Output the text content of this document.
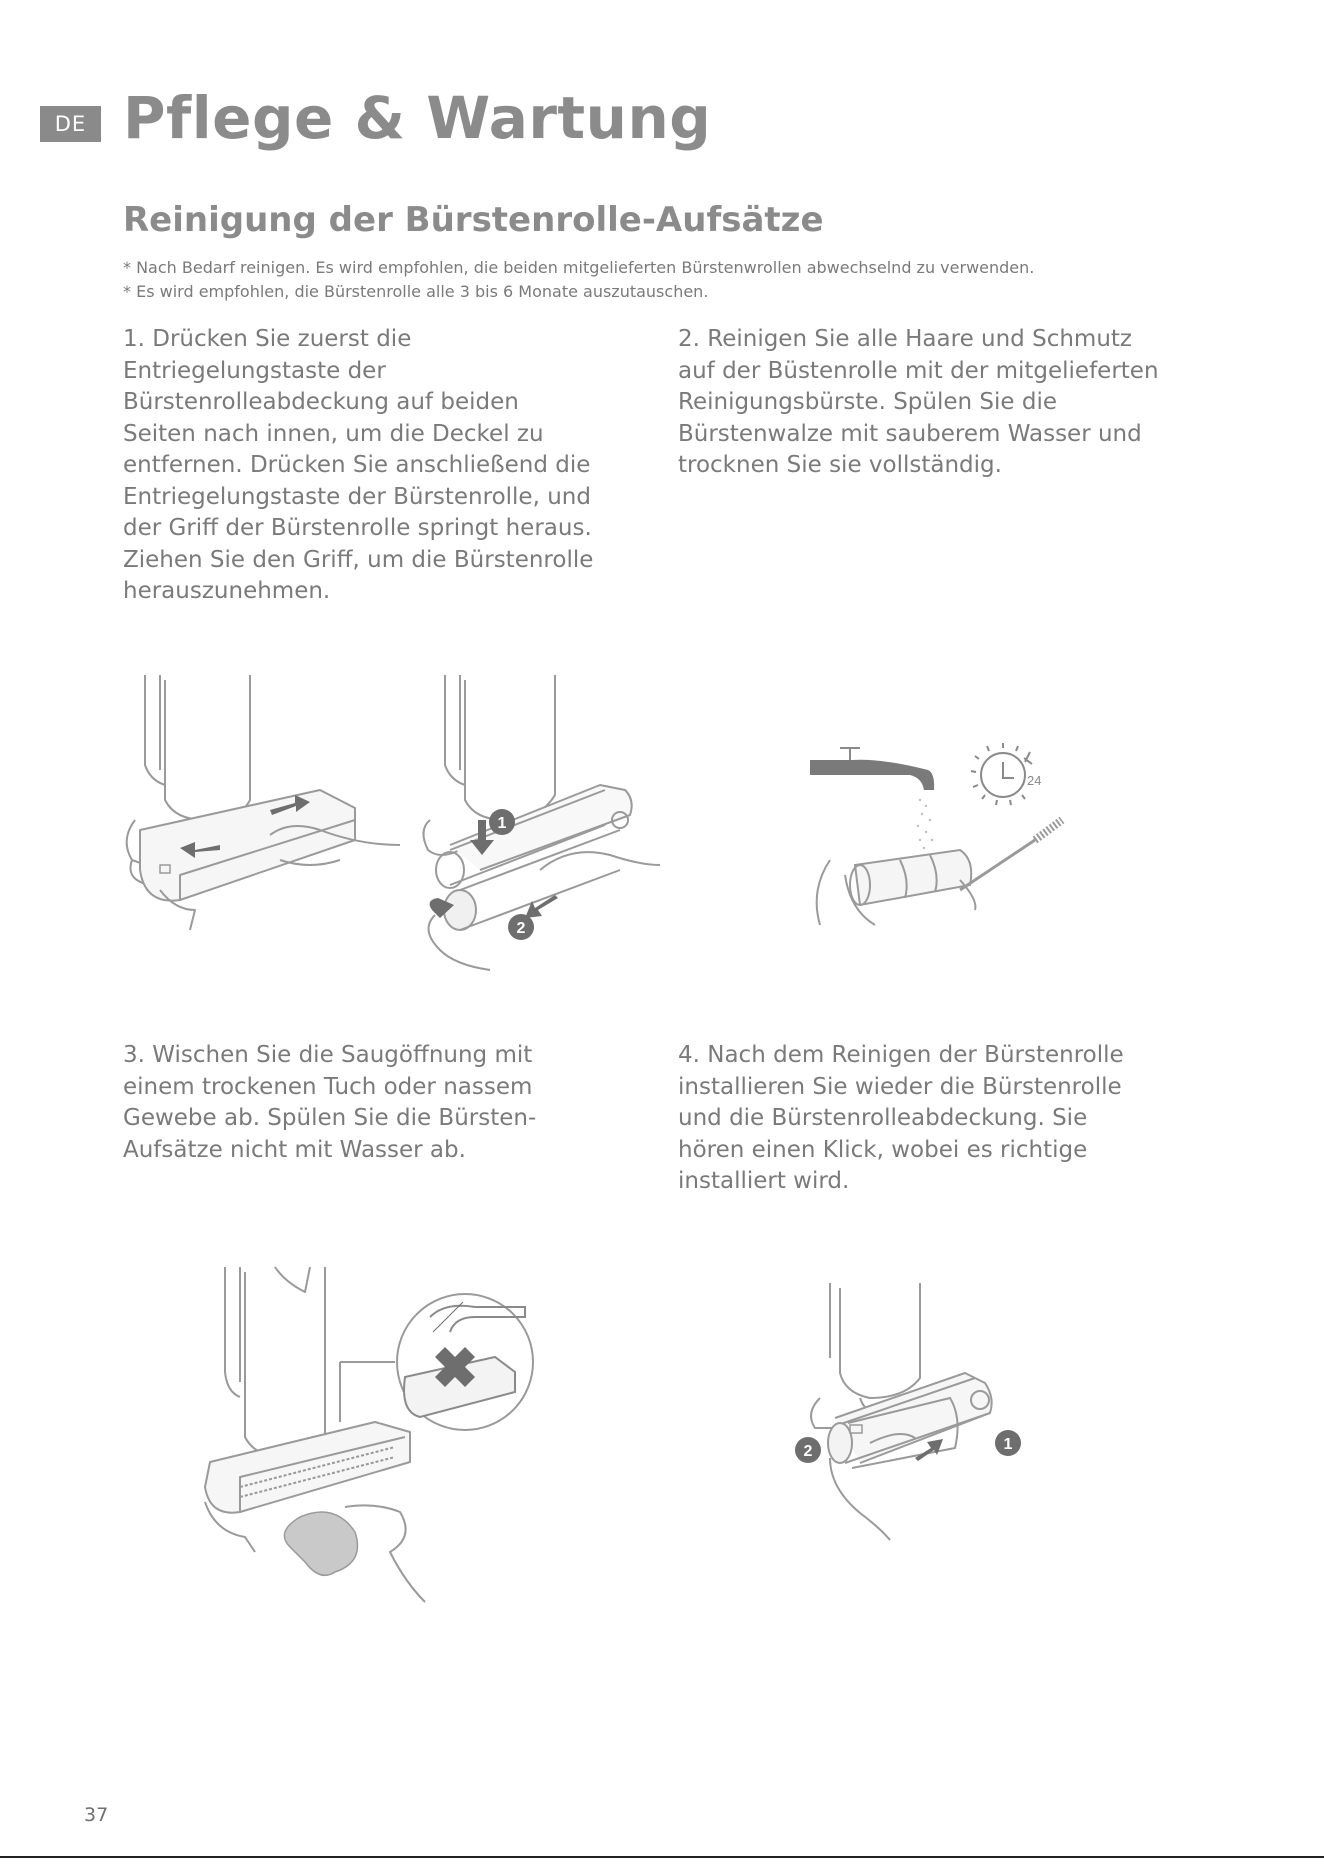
DE Pflege & Wartung
Reinigung der Bürstenrolle-Aufsätze
* Nach Bedarf reinigen. Es wird empfohlen, die beiden mitgelieferten Bürstenwrollen abwechselnd zu verwenden.
* Es wird empfohlen, die Bürstenrolle alle 3 bis 6 Monate auszutauschen.

1. Drücken Sie zuerst die
Entriegelungstaste der
Bürstenrolleabdeckung auf beiden
Seiten nach innen, um die Deckel zu
entfernen. Drücken Sie anschließend die
Entriegelungstaste der Bürstenrolle, und
der Griff der Bürstenrolle springt heraus.
Ziehen Sie den Griff, um die Bürstenrolle
herauszunehmen.

2. Reinigen Sie alle Haare und Schmutz
auf der Büstenrolle mit der mitgelieferten
Reinigungsbürste. Spülen Sie die
Bürstenwalze mit sauberem Wasser und
trocknen Sie sie vollständig.

3. Wischen Sie die Saugöffnung mit
einem trockenen Tuch oder nassem
Gewebe ab. Spülen Sie die Bürsten-
Aufsätze nicht mit Wasser ab.

4. Nach dem Reinigen der Bürstenrolle
installieren Sie wieder die Bürstenrolle
und die Bürstenrolleabdeckung. Sie
hören einen Klick, wobei es richtige
installiert wird.

1
2
24
1
2
37
